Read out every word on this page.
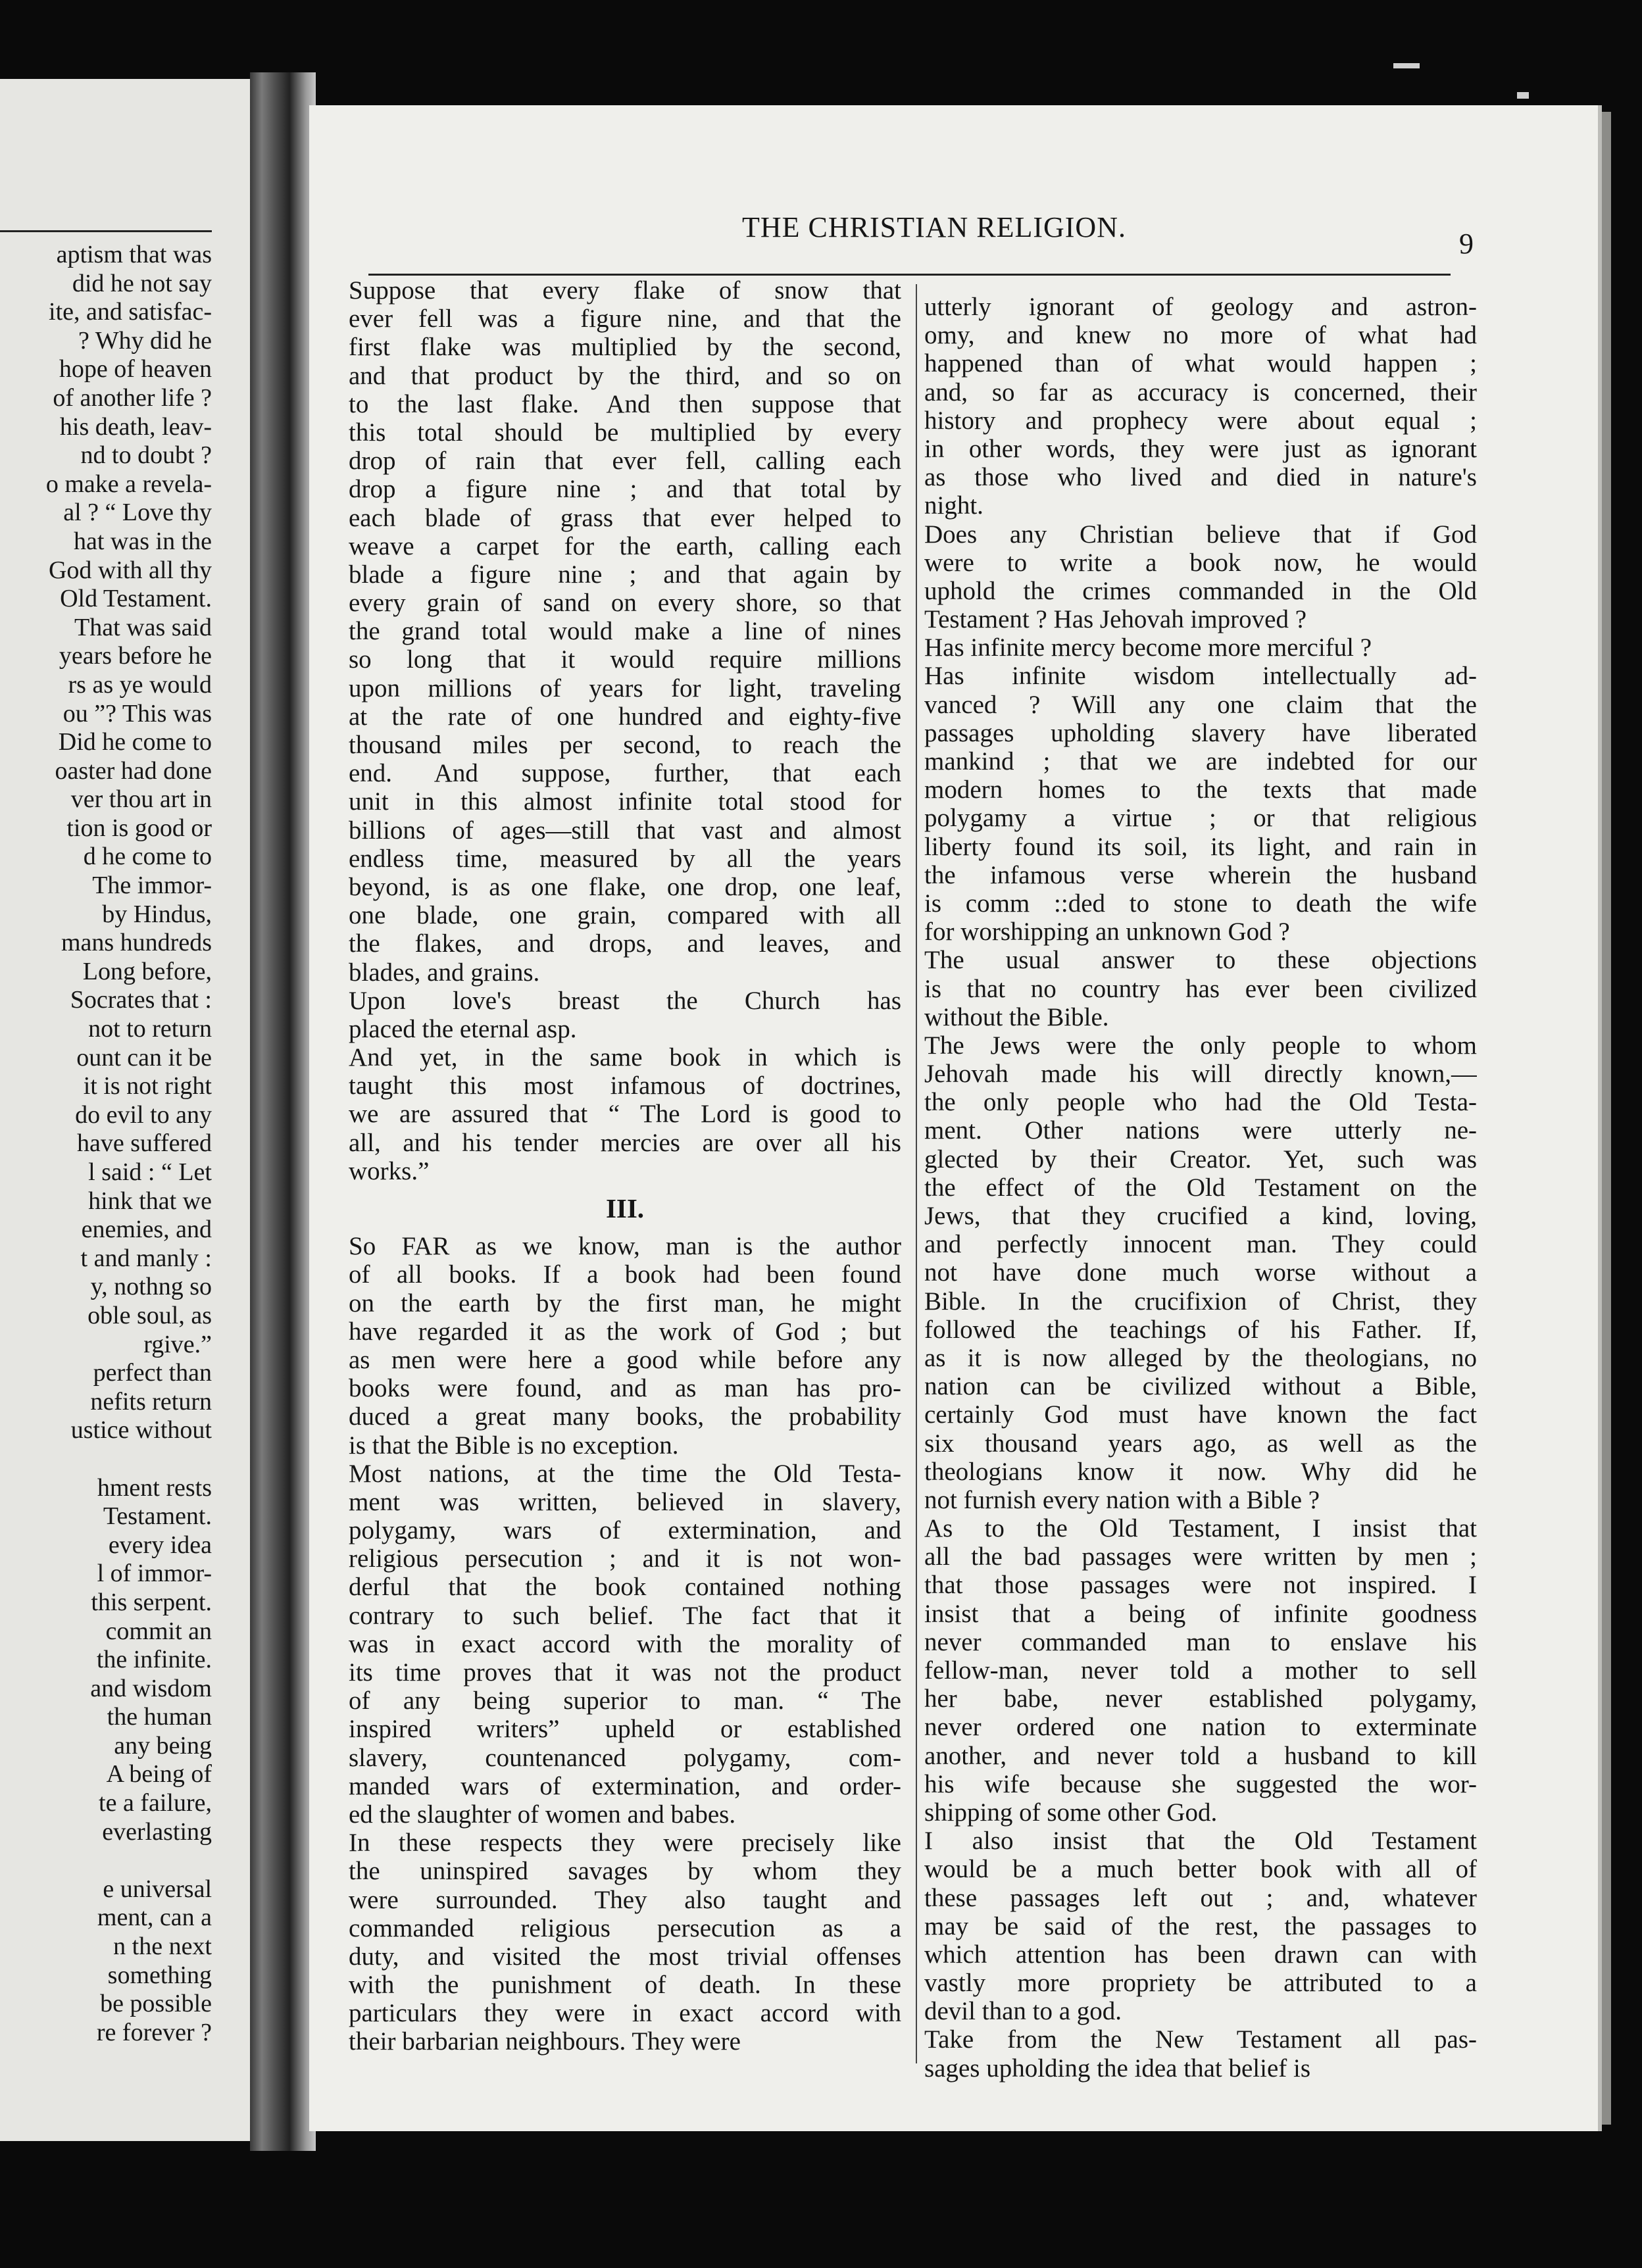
aptism that was
did he not say
ite, and satisfac-
? Why did he
hope of heaven
of another life ?
his death, leav-
nd to doubt ?
o make a revela-
al ? “ Love thy
hat was in the
God with all thy
Old Testament.
That was said
years before he
rs as ye would
ou ”? This was
Did he come to
oaster had done
ver thou art in
tion is good or
d he come to
The immor-
by Hindus,
mans hundreds
Long before,
Socrates that :
not to return
ount can it be
it is not right
do evil to any
have suffered
l said : “ Let
hink that we
enemies, and
t and manly :
y, nothng so
oble soul, as
rgive.”
perfect than
nefits return
ustice without
hment rests
Testament.
every idea
l of immor-
this serpent.
commit an
the infinite.
and wisdom
the human
any being
A being of
te a failure,
everlasting
e universal
ment, can a
n the next
something
be possible
re forever ?
THE CHRISTIAN RELIGION.
9
Suppose that every flake of snow that
ever fell was a figure nine, and that the
first flake was multiplied by the second,
and that product by the third, and so on
to the last flake. And then suppose that
this total should be multiplied by every
drop of rain that ever fell, calling each
drop a figure nine ; and that total by
each blade of grass that ever helped to
weave a carpet for the earth, calling each
blade a figure nine ; and that again by
every grain of sand on every shore, so that
the grand total would make a line of nines
so long that it would require millions
upon millions of years for light, traveling
at the rate of one hundred and eighty-five
thousand miles per second, to reach the
end. And suppose, further, that each
unit in this almost infinite total stood for
billions of ages—still that vast and almost
endless time, measured by all the years
beyond, is as one flake, one drop, one leaf,
one blade, one grain, compared with all
the flakes, and drops, and leaves, and
blades, and grains.
Upon love's breast the Church has
placed the eternal asp.
And yet, in the same book in which is
taught this most infamous of doctrines,
we are assured that “ The Lord is good to
all, and his tender mercies are over all his
works.”
III.
So FAR as we know, man is the author
of all books. If a book had been found
on the earth by the first man, he might
have regarded it as the work of God ; but
as men were here a good while before any
books were found, and as man has pro-
duced a great many books, the probability
is that the Bible is no exception.
Most nations, at the time the Old Testa-
ment was written, believed in slavery,
polygamy, wars of extermination, and
religious persecution ; and it is not won-
derful that the book contained nothing
contrary to such belief. The fact that it
was in exact accord with the morality of
its time proves that it was not the product
of any being superior to man. “ The
inspired writers” upheld or established
slavery, countenanced polygamy, com-
manded wars of extermination, and order-
ed the slaughter of women and babes.
In these respects they were precisely like
the uninspired savages by whom they
were surrounded. They also taught and
commanded religious persecution as a
duty, and visited the most trivial offenses
with the punishment of death. In these
particulars they were in exact accord with
their barbarian neighbours. They were
utterly ignorant of geology and astron-
omy, and knew no more of what had
happened than of what would happen ;
and, so far as accuracy is concerned, their
history and prophecy were about equal ;
in other words, they were just as ignorant
as those who lived and died in nature's
night.
Does any Christian believe that if God
were to write a book now, he would
uphold the crimes commanded in the Old
Testament ? Has Jehovah improved ?
Has infinite mercy become more merciful ?
Has infinite wisdom intellectually ad-
vanced ? Will any one claim that the
passages upholding slavery have liberated
mankind ; that we are indebted for our
modern homes to the texts that made
polygamy a virtue ; or that religious
liberty found its soil, its light, and rain in
the infamous verse wherein the husband
is comm ::ded to stone to death the wife
for worshipping an unknown God ?
The usual answer to these objections
is that no country has ever been civilized
without the Bible.
The Jews were the only people to whom
Jehovah made his will directly known,—
the only people who had the Old Testa-
ment. Other nations were utterly ne-
glected by their Creator. Yet, such was
the effect of the Old Testament on the
Jews, that they crucified a kind, loving,
and perfectly innocent man. They could
not have done much worse without a
Bible. In the crucifixion of Christ, they
followed the teachings of his Father. If,
as it is now alleged by the theologians, no
nation can be civilized without a Bible,
certainly God must have known the fact
six thousand years ago, as well as the
theologians know it now. Why did he
not furnish every nation with a Bible ?
As to the Old Testament, I insist that
all the bad passages were written by men ;
that those passages were not inspired. I
insist that a being of infinite goodness
never commanded man to enslave his
fellow-man, never told a mother to sell
her babe, never established polygamy,
never ordered one nation to exterminate
another, and never told a husband to kill
his wife because she suggested the wor-
shipping of some other God.
I also insist that the Old Testament
would be a much better book with all of
these passages left out ; and, whatever
may be said of the rest, the passages to
which attention has been drawn can with
vastly more propriety be attributed to a
devil than to a god.
Take from the New Testament all pas-
sages upholding the idea that belief is
